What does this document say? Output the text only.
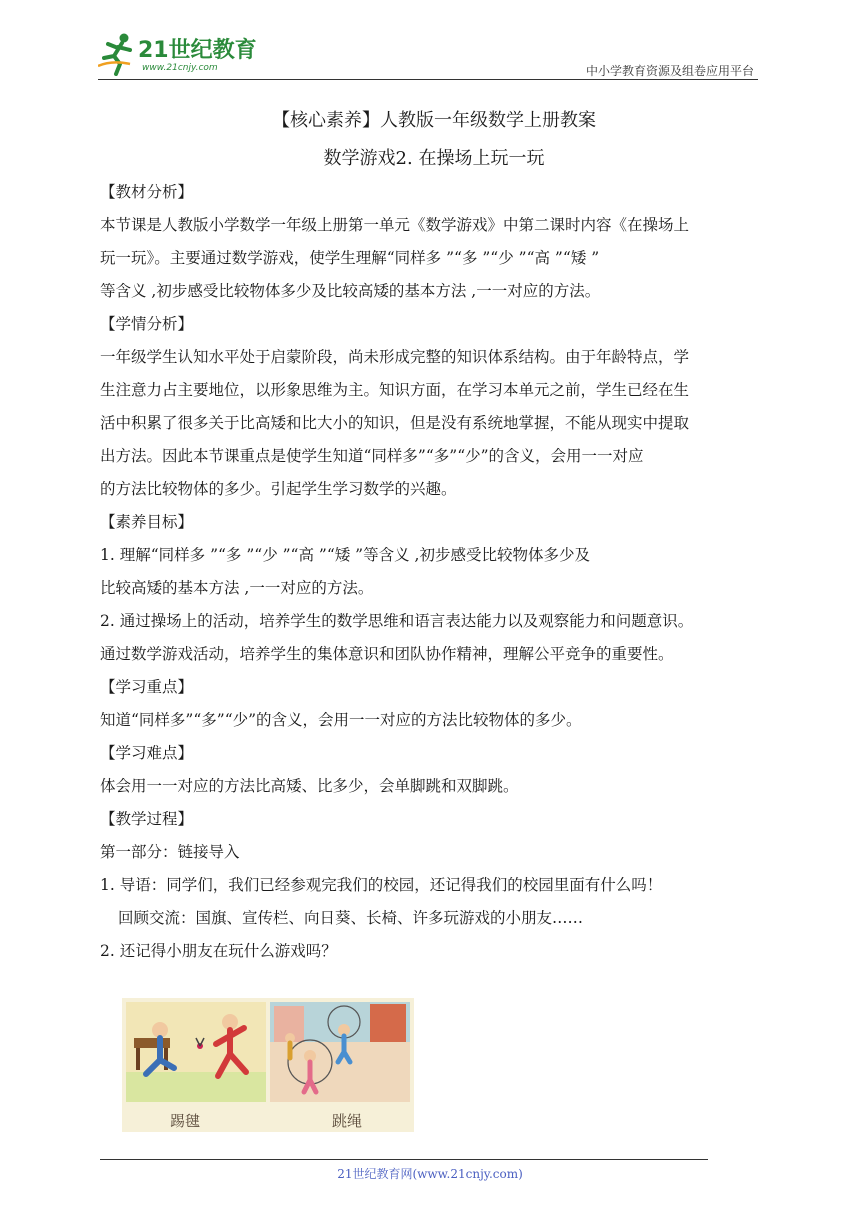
21世纪教育
www.21cnjy.com	中小学教育资源及组卷应用平台

【核心素养】人教版一年级数学上册教案

数学游戏2. 在操场上玩一玩

【教材分析】

本节课是人教版小学数学一年级上册第一单元《数学游戏》中第二课时内容《在操场上

玩一玩》。主要通过数学游戏，使学生理解“同样多 ”“多 ”“少 ”“高 ”“矮 ”

等含义 ,初步感受比较物体多少及比较高矮的基本方法 ,一一对应的方法。

【学情分析】

一年级学生认知水平处于启蒙阶段，尚未形成完整的知识体系结构。由于年龄特点，学

生注意力占主要地位，以形象思维为主。知识方面，在学习本单元之前，学生已经在生

活中积累了很多关于比高矮和比大小的知识，但是没有系统地掌握，不能从现实中提取

出方法。因此本节课重点是使学生知道“同样多”“多”“少”的含义，会用一一对应

的方法比较物体的多少。引起学生学习数学的兴趣。

【素养目标】

1. 理解“同样多 ”“多 ”“少 ”“高 ”“矮 ”等含义 ,初步感受比较物体多少及

比较高矮的基本方法 ,一一对应的方法。

2. 通过操场上的活动，培养学生的数学思维和语言表达能力以及观察能力和问题意识。

通过数学游戏活动，培养学生的集体意识和团队协作精神，理解公平竞争的重要性。

【学习重点】

知道“同样多”“多”“少”的含义，会用一一对应的方法比较物体的多少。

【学习难点】

体会用一一对应的方法比高矮、比多少，会单脚跳和双脚跳。

【教学过程】

第一部分：链接导入

1. 导语：同学们，我们已经参观完我们的校园，还记得我们的校园里面有什么吗！

回顾交流：国旗、宣传栏、向日葵、长椅、许多玩游戏的小朋友……

2. 还记得小朋友在玩什么游戏吗？

踢毽	跳绳
21世纪教育网(www.21cnjy.com)
